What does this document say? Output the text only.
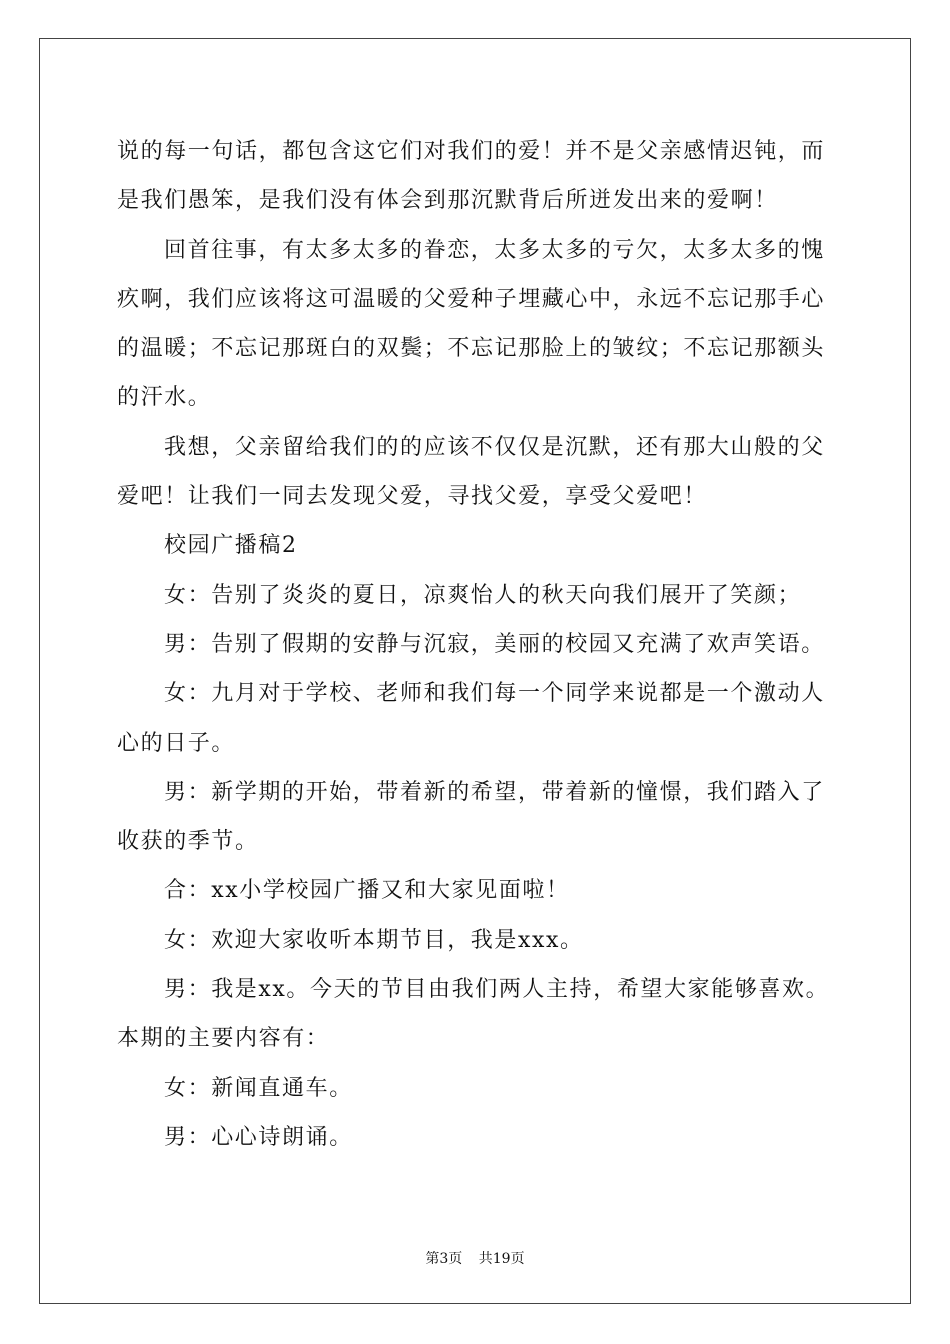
说的每一句话，都包含这它们对我们的爱！并不是父亲感情迟钝，而是我们愚笨，是我们没有体会到那沉默背后所迸发出来的爱啊！

回首往事，有太多太多的眷恋，太多太多的亏欠，太多太多的愧疚啊，我们应该将这可温暖的父爱种子埋藏心中，永远不忘记那手心的温暖；不忘记那斑白的双鬓；不忘记那脸上的皱纹；不忘记那额头的汗水。

我想，父亲留给我们的的应该不仅仅是沉默，还有那大山般的父爱吧！让我们一同去发现父爱，寻找父爱，享受父爱吧！

校园广播稿2

女：告别了炎炎的夏日，凉爽怡人的秋天向我们展开了笑颜；

男：告别了假期的安静与沉寂，美丽的校园又充满了欢声笑语。

女：九月对于学校、老师和我们每一个同学来说都是一个激动人心的日子。

男：新学期的开始，带着新的希望，带着新的憧憬，我们踏入了收获的季节。

合：xx小学校园广播又和大家见面啦！

女：欢迎大家收听本期节目，我是xxx。

男：我是xx。今天的节目由我们两人主持，希望大家能够喜欢。本期的主要内容有：

女：新闻直通车。

男：心心诗朗诵。

第3页 共19页
